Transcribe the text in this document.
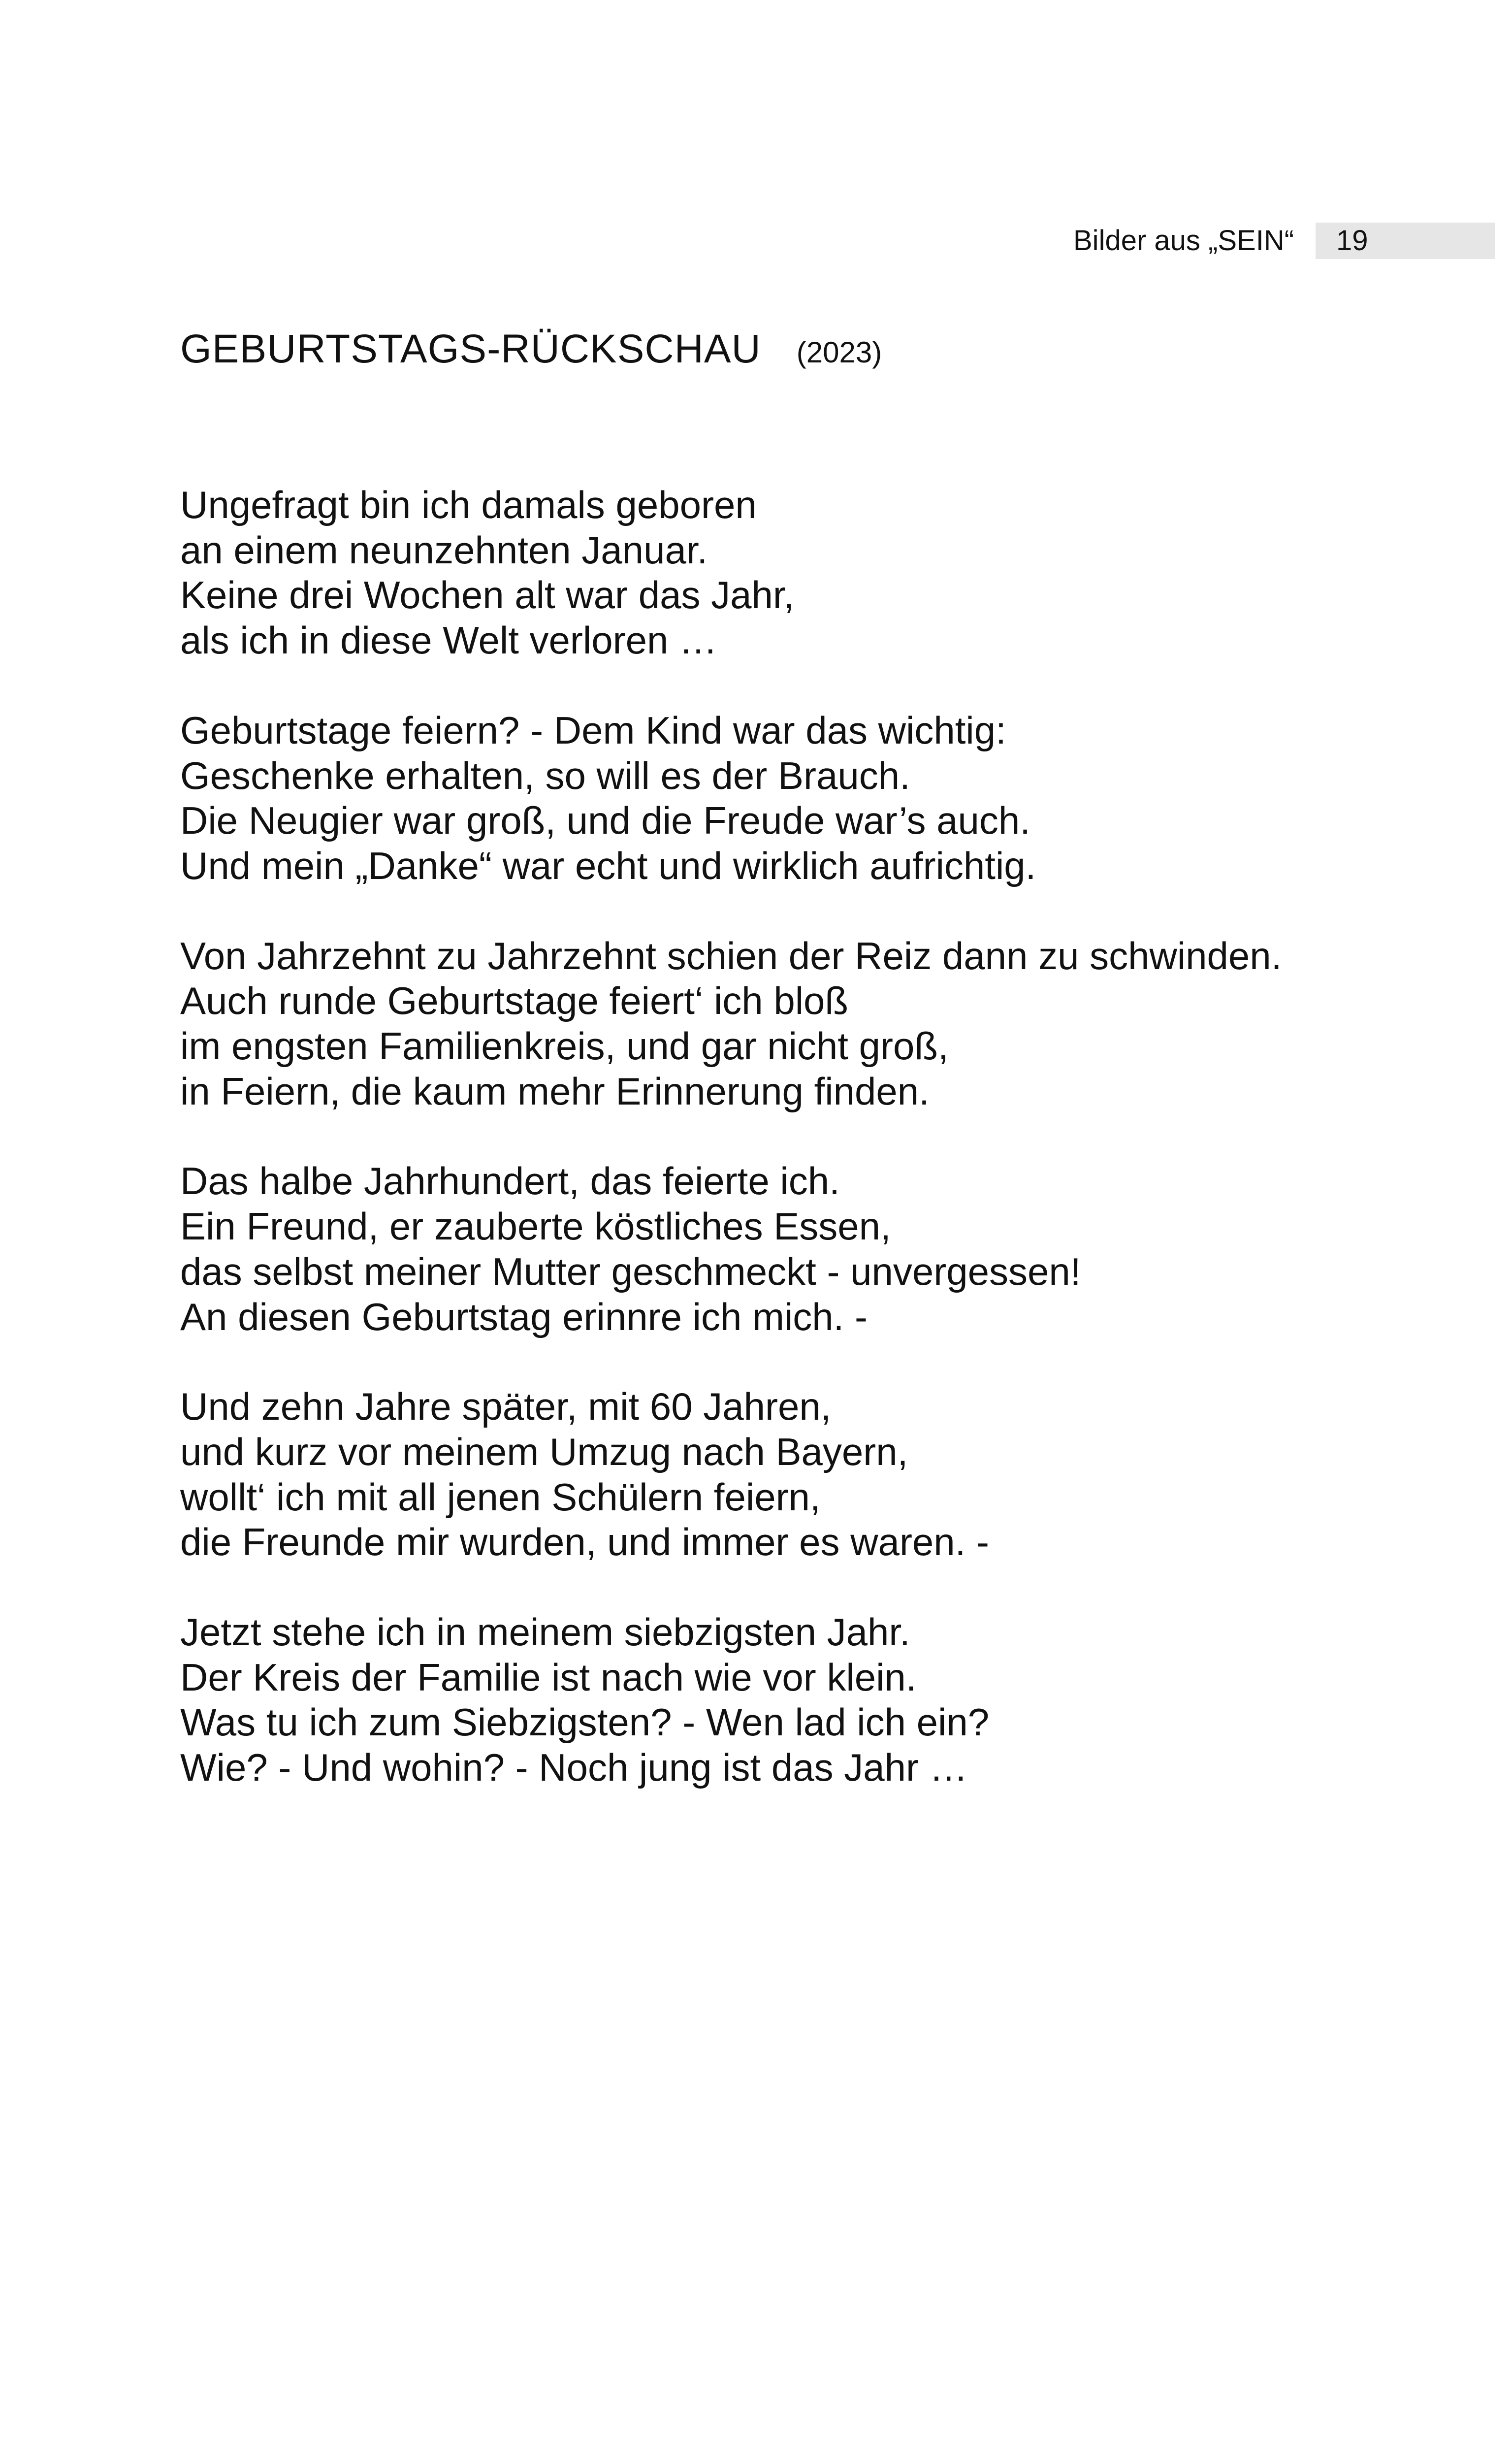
Bilder aus „SEIN“	19
GEBURTSTAGS-RÜCKSCHAU (2023)
Ungefragt bin ich damals geboren
an einem neunzehnten Januar.
Keine drei Wochen alt war das Jahr,
als ich in diese Welt verloren …
Geburtstage feiern? - Dem Kind war das wichtig:
Geschenke erhalten, so will es der Brauch.
Die Neugier war groß, und die Freude war’s auch.
Und mein „Danke“ war echt und wirklich aufrichtig.
Von Jahrzehnt zu Jahrzehnt schien der Reiz dann zu schwinden.
Auch runde Geburtstage feiert‘ ich bloß
im engsten Familienkreis, und gar nicht groß,
in Feiern, die kaum mehr Erinnerung finden.
Das halbe Jahrhundert, das feierte ich.
Ein Freund, er zauberte köstliches Essen,
das selbst meiner Mutter geschmeckt - unvergessen!
An diesen Geburtstag erinnre ich mich. -
Und zehn Jahre später, mit 60 Jahren,
und kurz vor meinem Umzug nach Bayern,
wollt‘ ich mit all jenen Schülern feiern,
die Freunde mir wurden, und immer es waren. -
Jetzt stehe ich in meinem siebzigsten Jahr.
Der Kreis der Familie ist nach wie vor klein.
Was tu ich zum Siebzigsten? - Wen lad ich ein?
Wie? - Und wohin? - Noch jung ist das Jahr …
